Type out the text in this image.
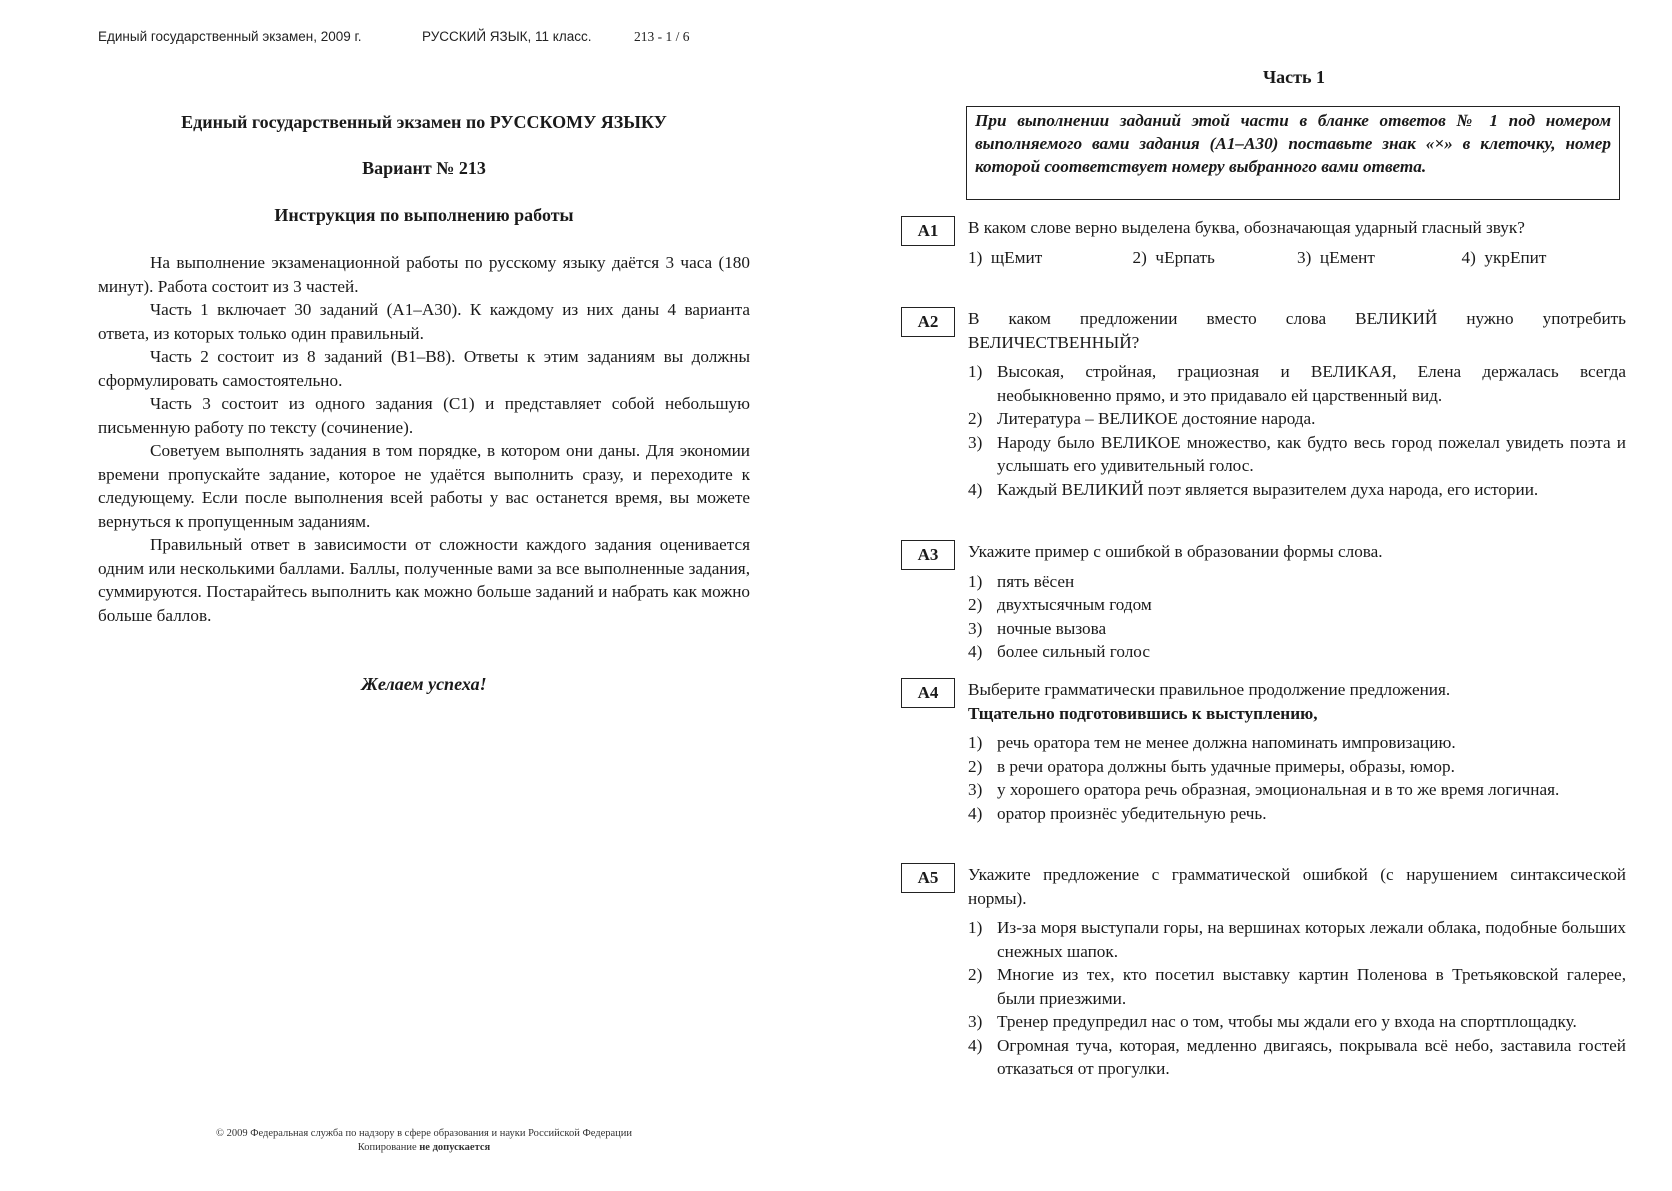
Единый государственный экзамен, 2009 г.	РУССКИЙ ЯЗЫК, 11 класс.	213 - 1 / 6
Единый государственный экзамен по РУССКОМУ ЯЗЫКУ
Вариант № 213
Инструкция по выполнению работы

На выполнение экзаменационной работы по русскому языку даётся 3 часа (180 минут). Работа состоит из 3 частей.

Часть 1 включает 30 заданий (А1–А30). К каждому из них даны 4 варианта ответа, из которых только один правильный.

Часть 2 состоит из 8 заданий (В1–В8). Ответы к этим заданиям вы должны сформулировать самостоятельно.

Часть 3 состоит из одного задания (С1) и представляет собой небольшую письменную работу по тексту (сочинение).

Советуем выполнять задания в том порядке, в котором они даны. Для экономии времени пропускайте задание, которое не удаётся выполнить сразу, и переходите к следующему. Если после выполнения всей работы у вас останется время, вы можете вернуться к пропущенным заданиям.

Правильный ответ в зависимости от сложности каждого задания оценивается одним или несколькими баллами. Баллы, полученные вами за все выполненные задания, суммируются. Постарайтесь выполнить как можно больше заданий и набрать как можно больше баллов.

Желаем успеха!
© 2009 Федеральная служба по надзору в сфере образования и науки Российской Федерации
Копирование не допускается
Часть 1
При выполнении заданий этой части в бланке ответов № 1 под номером выполняемого вами задания (А1–А30) поставьте знак «×» в клеточку, номер которой соответствует номеру выбранного вами ответа.
А1	В каком слове верно выделена буква, обозначающая ударный гласный звук?
1) щЕмит	2) чЕрпать	3) цЕмент	4) укрЕпит
А2	В каком предложении вместо слова ВЕЛИКИЙ нужно употребить ВЕЛИЧЕСТВЕННЫЙ?
1) Высокая, стройная, грациозная и ВЕЛИКАЯ, Елена держалась всегда необыкновенно прямо, и это придавало ей царственный вид.
2) Литература – ВЕЛИКОЕ достояние народа.
3) Народу было ВЕЛИКОЕ множество, как будто весь город пожелал увидеть поэта и услышать его удивительный голос.
4) Каждый ВЕЛИКИЙ поэт является выразителем духа народа, его истории.
А3	Укажите пример с ошибкой в образовании формы слова.
1) пять вёсен
2) двухтысячным годом
3) ночные вызова
4) более сильный голос
А4	Выберите грамматически правильное продолжение предложения.
Тщательно подготовившись к выступлению,
1) речь оратора тем не менее должна напоминать импровизацию.
2) в речи оратора должны быть удачные примеры, образы, юмор.
3) у хорошего оратора речь образная, эмоциональная и в то же время логичная.
4) оратор произнёс убедительную речь.
А5	Укажите предложение с грамматической ошибкой (с нарушением синтаксической нормы).
1) Из-за моря выступали горы, на вершинах которых лежали облака, подобные больших снежных шапок.
2) Многие из тех, кто посетил выставку картин Поленова в Третьяковской галерее, были приезжими.
3) Тренер предупредил нас о том, чтобы мы ждали его у входа на спортплощадку.
4) Огромная туча, которая, медленно двигаясь, покрывала всё небо, заставила гостей отказаться от прогулки.
